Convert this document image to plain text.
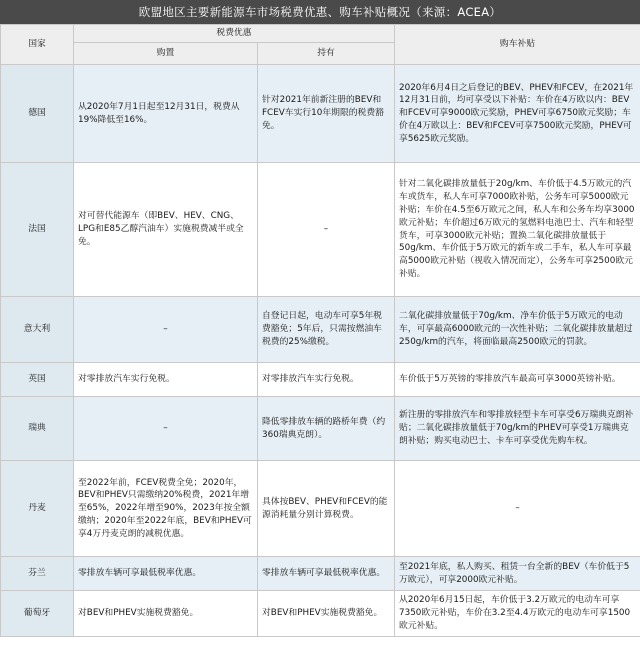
欧盟地区主要新能源车市场税费优惠、购车补贴概况（来源：ACEA）
国家	税费优惠		购车补贴
	购置	持有	
德国	从2020年7月1日起至12月31日，税费从19%降低至16%。	针对2021年前新注册的BEV和FCEV车实行10年期限的税费豁免。	2020年6月4日之后登记的BEV、PHEV和FCEV，在2021年12月31日前，均可享受以下补贴：车价在4万欧以内：BEV和FCEV可享9000欧元奖励，PHEV可享6750欧元奖励；车价在4万欧以上：BEV和FCEV可享7500欧元奖励，PHEV可享5625欧元奖励。
法国	对可替代能源车（即BEV、HEV、CNG、LPG和E85乙醇汽油车）实施税费减半或全免。	–	针对二氧化碳排放量低于20g/km、车价低于4.5万欧元的汽车或货车，私人车可享7000欧补贴，公务车可享5000欧元补贴；车价在4.5至6万欧元之间，私人车和公务车均享3000欧元补贴；车价超过6万欧元的氢燃料电池巴士、汽车和轻型货车，可享3000欧元补贴；置换二氧化碳排放量低于50g/km、车价低于5万欧元的新车或二手车，私人车可享最高5000欧元补贴（视收入情况而定），公务车可享2500欧元补贴。
意大利	–	自登记日起，电动车可享5年税费豁免；5年后，只需按燃油车税费的25%缴税。	二氧化碳排放量低于70g/km、净车价低于5万欧元的电动车，可享最高6000欧元的一次性补贴；二氧化碳排放量超过250g/km的汽车，将面临最高2500欧元的罚款。
英国	对零排放汽车实行免税。	对零排放汽车实行免税。	车价低于5万英镑的零排放汽车最高可享3000英镑补贴。
瑞典	–	降低零排放车辆的路桥年费（约360瑞典克朗）。	新注册的零排放汽车和零排放轻型卡车可享受6万瑞典克朗补贴；二氧化碳排放量低于70g/km的PHEV可享受1万瑞典克朗补贴；购买电动巴士、卡车可享受优先购车权。
丹麦	至2022年前，FCEV税费全免；2020年，BEV和PHEV只需缴纳20%税费，2021年增至65%，2022年增至90%，2023年按全额缴纳；2020年至2022年底，BEV和PHEV可享4万丹麦克朗的减税优惠。	具体按BEV、PHEV和FCEV的能源消耗量分别计算税费。	–
芬兰	零排放车辆可享最低税率优惠。	零排放车辆可享最低税率优惠。	至2021年底，私人购买、租赁一台全新的BEV（车价低于5万欧元），可享2000欧元补贴。
葡萄牙	对BEV和PHEV实施税费豁免。	对BEV和PHEV实施税费豁免。	从2020年6月15日起，车价低于3.2万欧元的电动车可享7350欧元补贴，车价在3.2至4.4万欧元的电动车可享1500欧元补贴。
